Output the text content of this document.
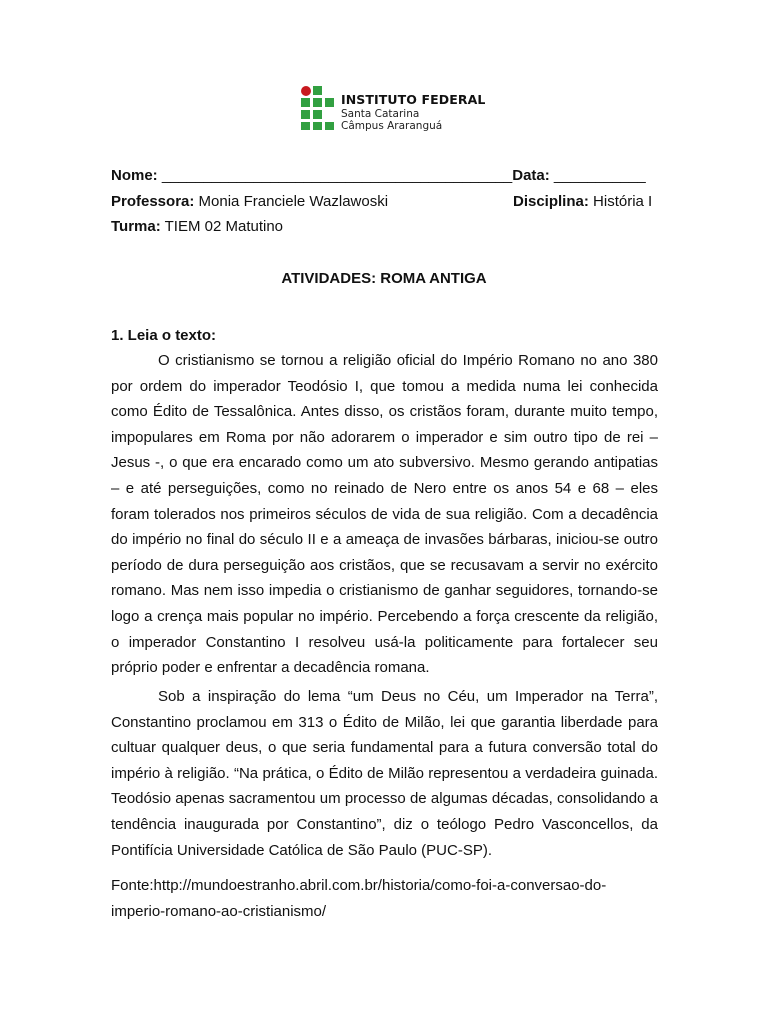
INSTITUTO FEDERAL
Santa Catarina
Câmpus Araranguá
Nome: __________________________________________Data: ___________
Professora: Monia Franciele Wazlawoski	Disciplina: História I
Turma: TIEM 02 Matutino
ATIVIDADES: ROMA ANTIGA
1. Leia o texto:

O cristianismo se tornou a religião oficial do Império Romano no ano 380 por ordem do imperador Teodósio I, que tomou a medida numa lei conhecida como Édito de Tessalônica. Antes disso, os cristãos foram, durante muito tempo, impopulares em Roma por não adorarem o imperador e sim outro tipo de rei – Jesus -, o que era encarado como um ato subversivo. Mesmo gerando antipatias – e até perseguições, como no reinado de Nero entre os anos 54 e 68 – eles foram tolerados nos primeiros séculos de vida de sua religião. Com a decadência do império no final do século II e a ameaça de invasões bárbaras, iniciou-se outro período de dura perseguição aos cristãos, que se recusavam a servir no exército romano. Mas nem isso impedia o cristianismo de ganhar seguidores, tornando-se logo a crença mais popular no império. Percebendo a força crescente da religião, o imperador Constantino I resolveu usá-la politicamente para fortalecer seu próprio poder e enfrentar a decadência romana.

Sob a inspiração do lema “um Deus no Céu, um Imperador na Terra”, Constantino proclamou em 313 o Édito de Milão, lei que garantia liberdade para cultuar qualquer deus, o que seria fundamental para a futura conversão total do império à religião. “Na prática, o Édito de Milão representou a verdadeira guinada. Teodósio apenas sacramentou um processo de algumas décadas, consolidando a tendência inaugurada por Constantino”, diz o teólogo Pedro Vasconcellos, da Pontifícia Universidade Católica de São Paulo (PUC-SP).

Fonte:http://mundoestranho.abril.com.br/historia/como-foi-a-conversao-do-
imperio-romano-ao-cristianismo/
